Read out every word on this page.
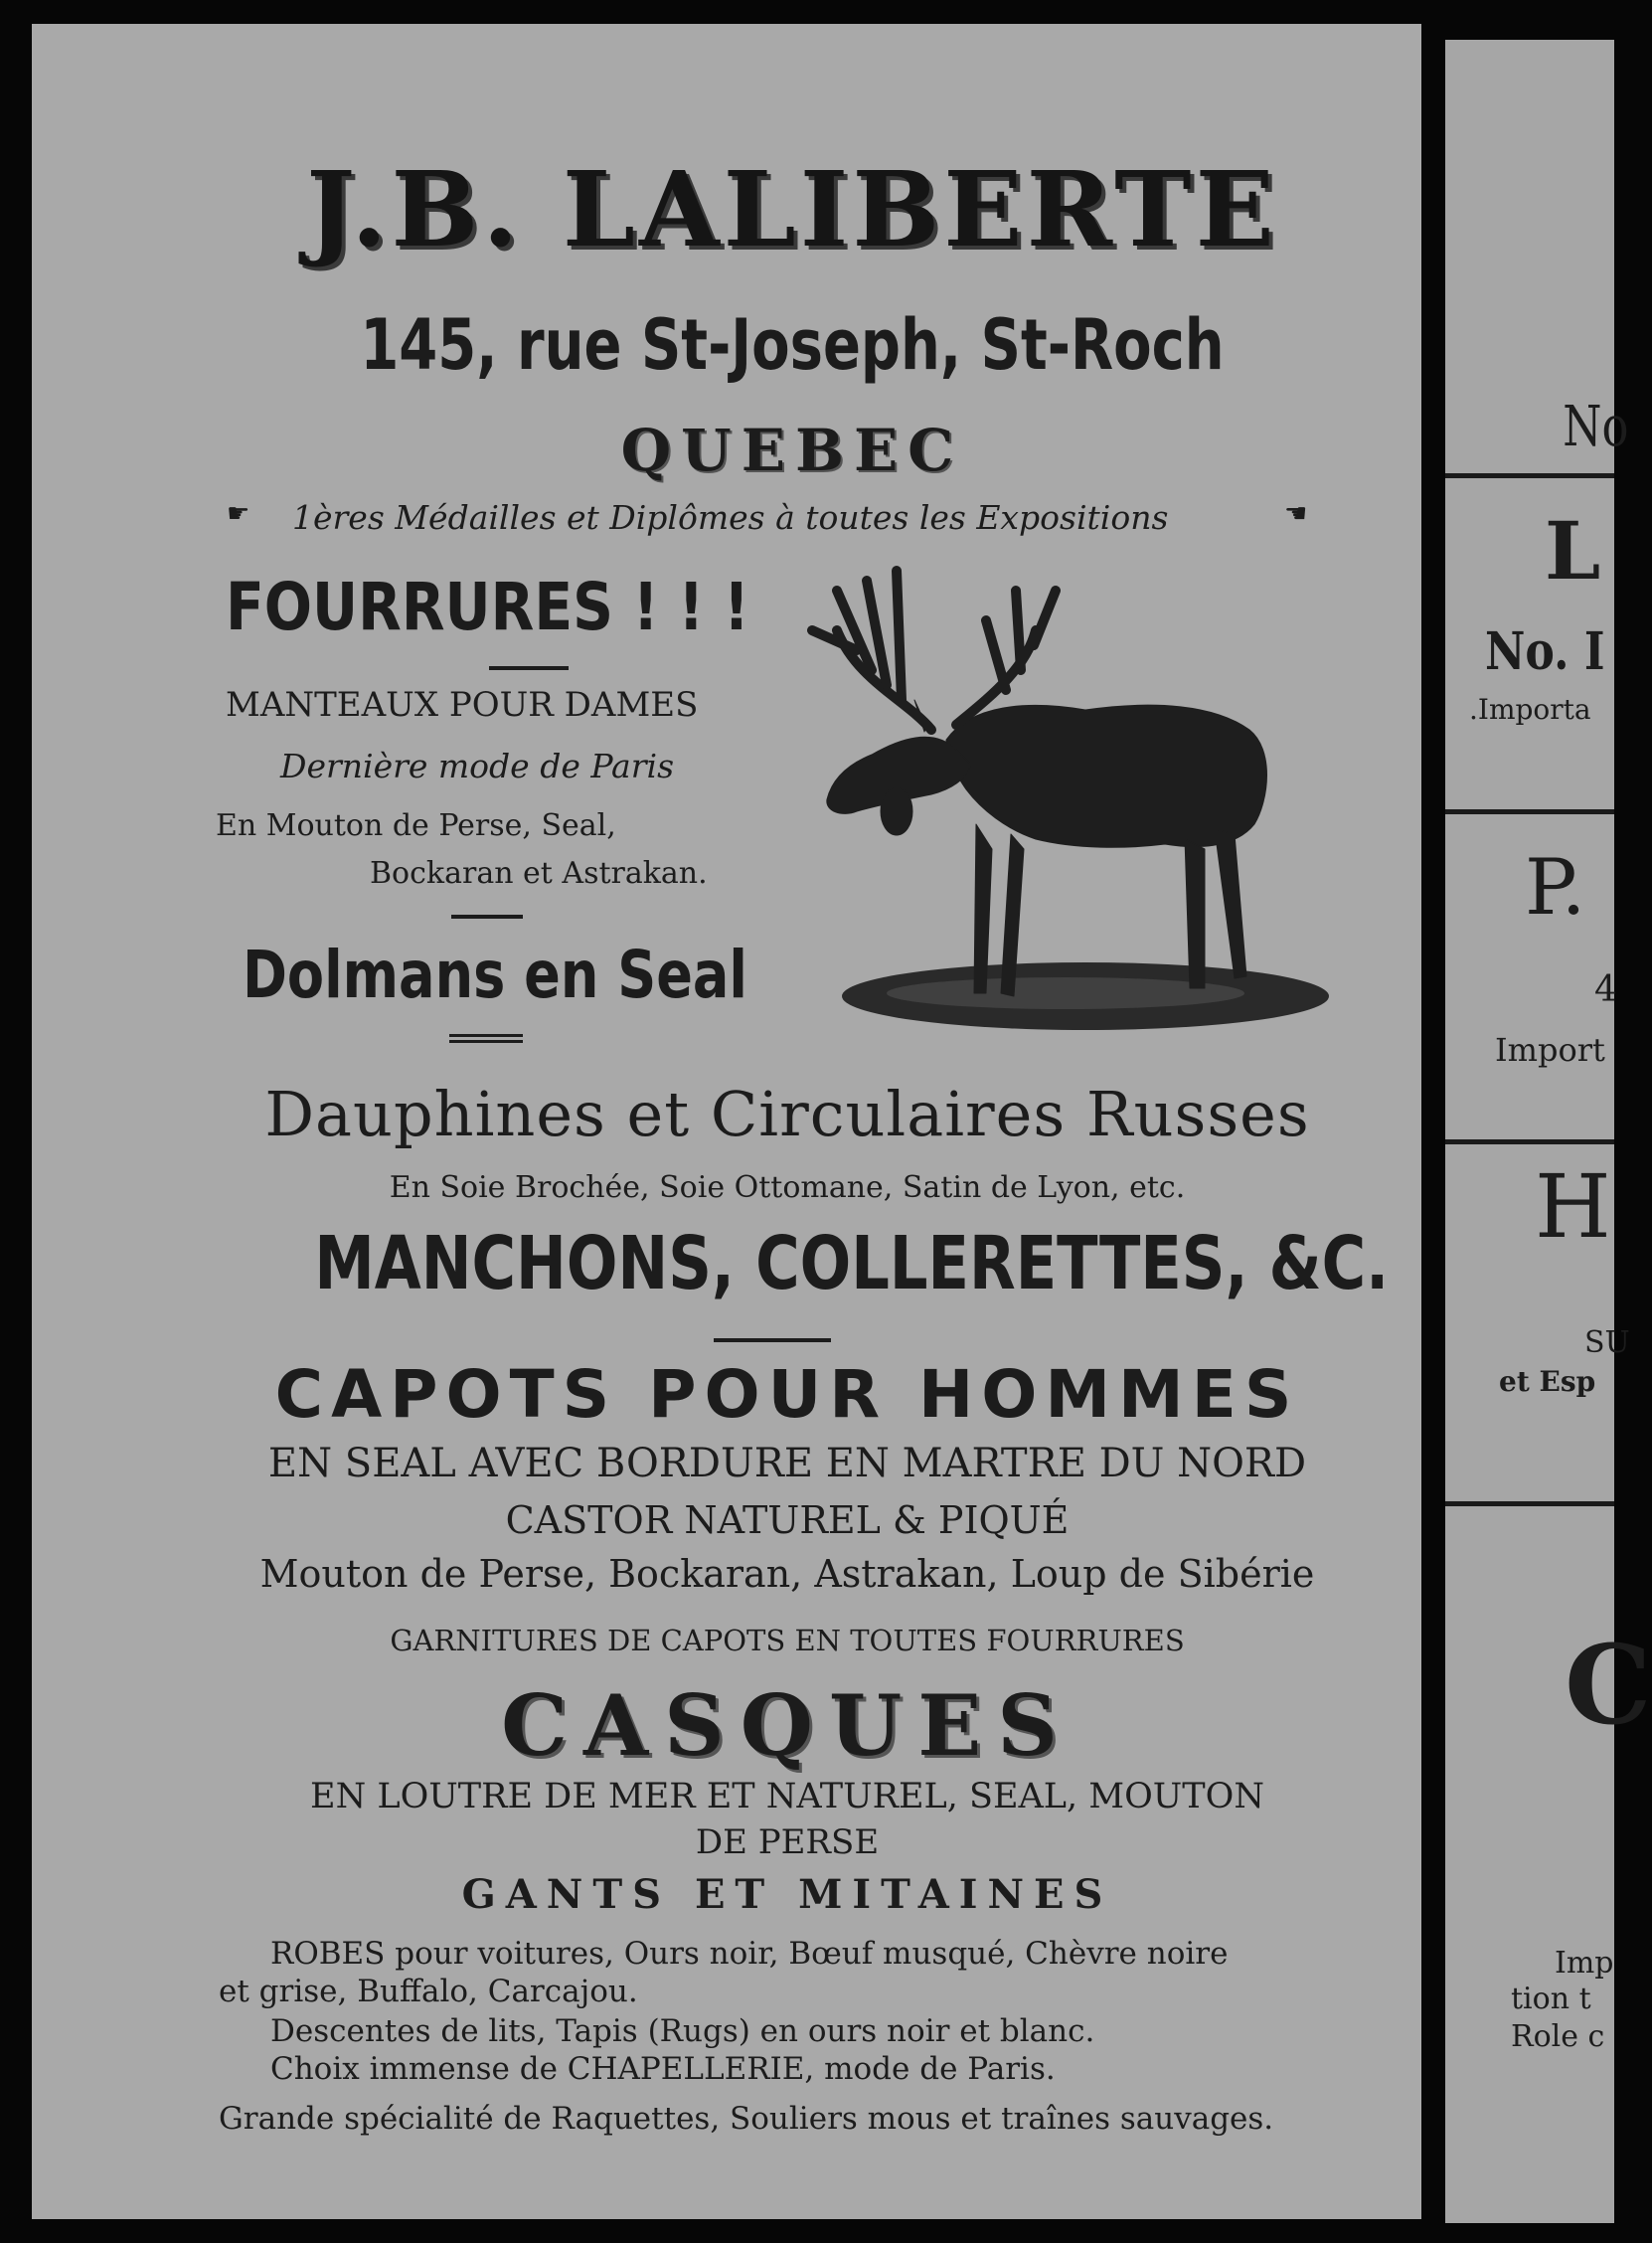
J.B. LALIBERTE
145, rue St-Joseph, St-Roch
QUEBEC
☛ 1ères Médailles et Diplômes à toutes les Expositions	☚
FOURRURES ! ! !
MANTEAUX POUR DAMES
Dernière mode de Paris
En Mouton de Perse, Seal,
Bockaran et Astrakan.
Dolmans en Seal
Dauphines et Circulaires Russes
En Soie Brochée, Soie Ottomane, Satin de Lyon, etc.
MANCHONS, COLLERETTES, &C.
CAPOTS POUR HOMMES
EN SEAL AVEC BORDURE EN MARTRE DU NORD
CASTOR NATUREL & PIQUÉ
Mouton de Perse, Bockaran, Astrakan, Loup de Sibérie
GARNITURES DE CAPOTS EN TOUTES FOURRURES
CASQUES
EN LOUTRE DE MER ET NATUREL, SEAL, MOUTON
DE PERSE
GANTS ET MITAINES
ROBES pour voitures, Ours noir, Bœuf musqué, Chèvre noire
et grise, Buffalo, Carcajou.
Descentes de lits, Tapis (Rugs) en ours noir et blanc.
Choix immense de CHAPELLERIE, mode de Paris.
Grande spécialité de Raquettes, Souliers mous et traînes sauvages.
No
L
No. I
.Importa
P.
4
Import
H
SU
et Esp
C
Imp
tion t
Role c
